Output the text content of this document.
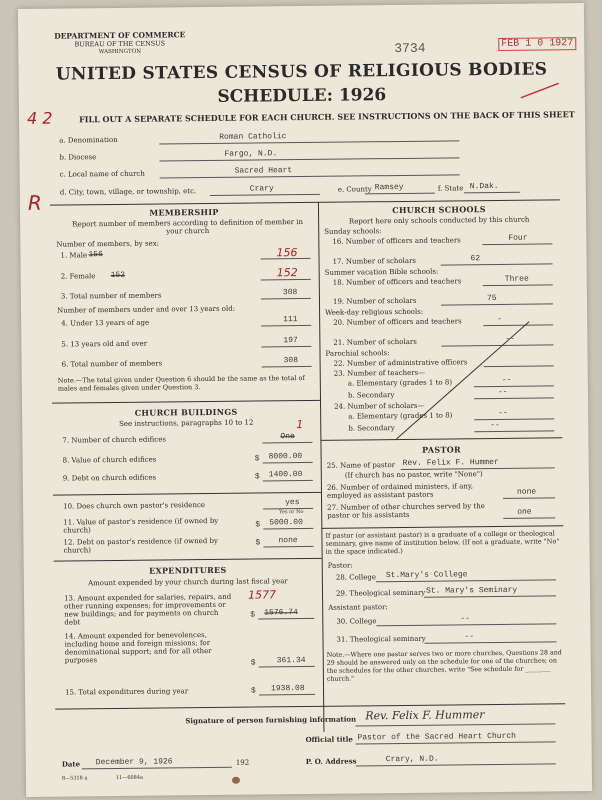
DEPARTMENT OF COMMERCE
BUREAU OF THE CENSUS
WASHINGTON	3734	FEB 1 0 1927
UNITED STATES CENSUS OF RELIGIOUS BODIES
SCHEDULE: 1926
4 2	FILL OUT A SEPARATE SCHEDULE FOR EACH CHURCH. SEE INSTRUCTIONS ON THE BACK OF THIS SHEET
R
a. Denomination	Roman Catholic
b. Diocese	Fargo, N.D.
c. Local name of church	Sacred Heart
d. City, town, village, or township, etc.	Crary	e. County Ramsey	f. State N.Dak.
MEMBERSHIP
Report number of members according to definition of member in your church
Number of members, by sex:
1. Male 156	156
2. Female 152	152
3. Total number of members	308
Number of members under and over 13 years old:
4. Under 13 years of age	111
5. 13 years old and over	197
6. Total number of members	308
Note.—The total given under Question 6 should be the same as the total of males and females given under Question 3.
CHURCH BUILDINGS
See instructions, paragraphs 10 to 12	1
7. Number of church edifices	One
8. Value of church edifices	$ 8000.00
9. Debt on church edifices	$ 1400.00
10. Does church own pastor's residence	yes
Yes or No
11. Value of pastor's residence (if owned by church)
$ 5000.00
12. Debt on pastor's residence (if owned by church)
$ none
EXPENDITURES
Amount expended by your church during last fiscal year
13. Amount expended for salaries, repairs, and other running expenses; for improvements or new buildings; and for payments on church debt
1577
$ 1576.74
14. Amount expended for benevolences, including home and foreign missions; for denominational support; and for all other purposes	$	361.34
15. Total expenditures during year	$ 1938.08
CHURCH SCHOOLS
Report here only schools conducted by this church
Sunday schools:
16. Number of officers and teachers	Four
17. Number of scholars	62
Summer vacation Bible schools:
18. Number of officers and teachers	Three
19. Number of scholars	75
Week-day religious schools:
20. Number of officers and teachers	-
21. Number of scholars	--
Parochial schools:
22. Number of administrative officers
23. Number of teachers—
a. Elementary (grades 1 to 8)	--
b. Secondary	--
24. Number of scholars—
a. Elementary (grades 1 to 8)	--
b. Secondary	--
PASTOR
25. Name of pastor Rev. Felix F. Hummer
(If church has no pastor, write "None")
26. Number of ordained ministers, if any, employed as assistant pastors	none
27. Number of other churches served by the pastor or his assistants	one
If pastor (or assistant pastor) is a graduate of a college or theological seminary, give name of institution below. (If not a graduate, write "No" in the space indicated.)
Pastor:
28. College St.Mary's College
29. Theological seminary St. Mary's Seminary
Assistant pastor:
30. College	--
31. Theological seminary	--
Note.—Where one pastor serves two or more churches, Questions 28 and 29 should be answered only on the schedule for one of the churches; on the schedules for the other churches, write "See schedule for ________ church."
Signature of person furnishing information Rev. Felix F. Hummer
Official title Pastor of the Sacred Heart Church
Date December 9, 1926	192	P. O. Address	Crary, N.D.
8—5318 a	11—6084a
